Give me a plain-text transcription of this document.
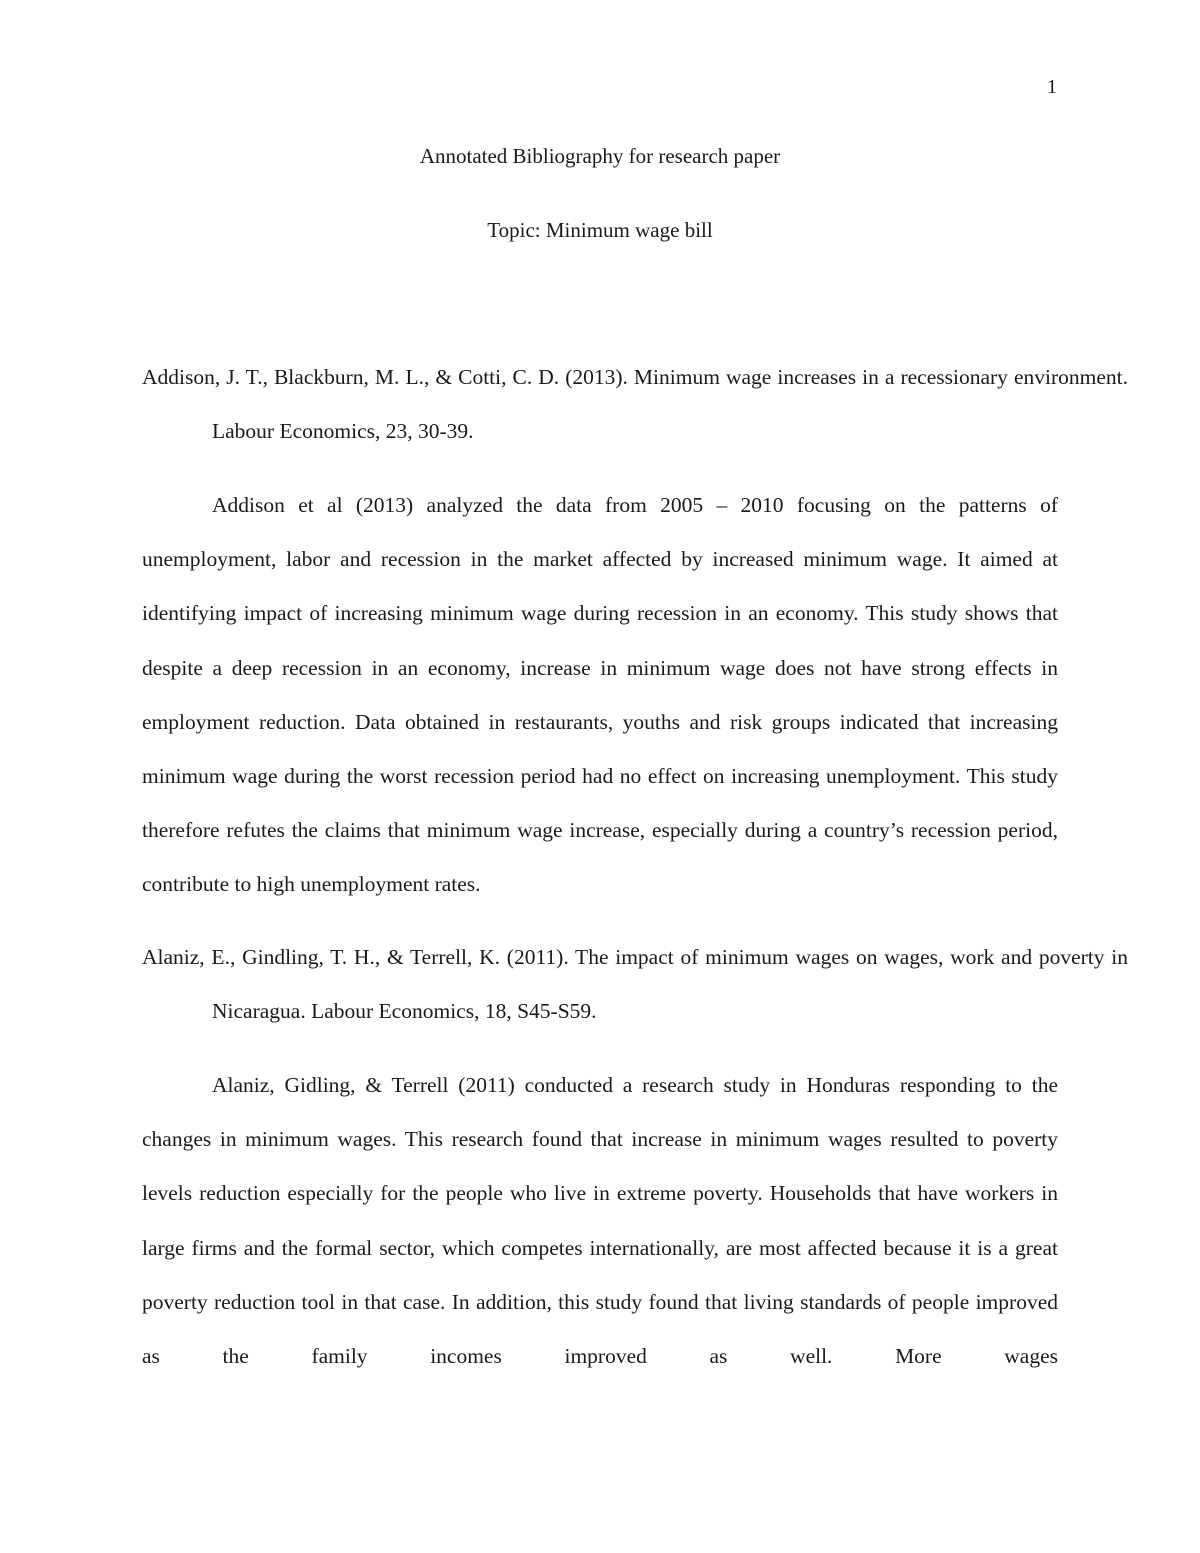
1
Annotated Bibliography for research paper
Topic: Minimum wage bill

Addison, J. T., Blackburn, M. L., & Cotti, C. D. (2013). Minimum wage increases in a recessionary environment. Labour Economics, 23, 30-39.

Addison et al (2013) analyzed the data from 2005 – 2010 focusing on the patterns of unemployment, labor and recession in the market affected by increased minimum wage. It aimed at identifying impact of increasing minimum wage during recession in an economy. This study shows that despite a deep recession in an economy, increase in minimum wage does not have strong effects in employment reduction. Data obtained in restaurants, youths and risk groups indicated that increasing minimum wage during the worst recession period had no effect on increasing unemployment. This study therefore refutes the claims that minimum wage increase, especially during a country’s recession period, contribute to high unemployment rates.

Alaniz, E., Gindling, T. H., & Terrell, K. (2011). The impact of minimum wages on wages, work and poverty in Nicaragua. Labour Economics, 18, S45-S59.

Alaniz, Gidling, & Terrell (2011) conducted a research study in Honduras responding to the changes in minimum wages. This research found that increase in minimum wages resulted to poverty levels reduction especially for the people who live in extreme poverty. Households that have workers in large firms and the formal sector, which competes internationally, are most affected because it is a great poverty reduction tool in that case. In addition, this study found that living standards of people improved as the family incomes improved as well. More wages
